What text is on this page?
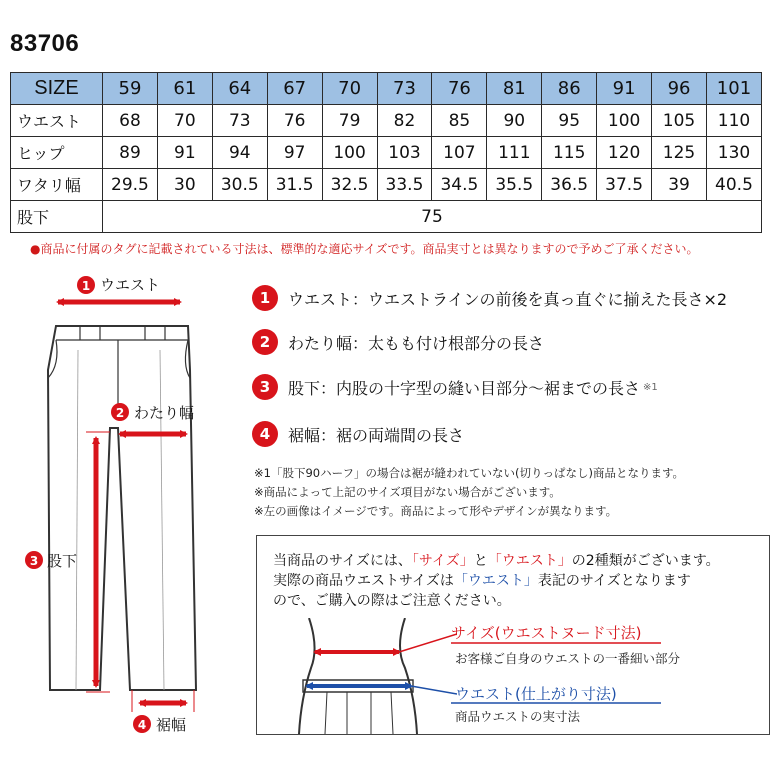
83706
SIZE	59	61	64	67	70	73	76	81	86	91	96	101
ウエスト	68	70	73	76	79	82	85	90	95	100	105	110
ヒップ	89	91	94	97	100	103	107	111	115	120	125	130
ワタリ幅	29.5	30	30.5	31.5	32.5	33.5	34.5	35.5	36.5	37.5	39	40.5
股下	75											
●商品に付属のタグに記載されている寸法は、標準的な適応サイズです。商品実寸とは異なりますので予めご了承ください。
1 ウエスト
2 わたり幅
3 股下
4 裾幅
1	ウエスト：ウエストラインの前後を真っ直ぐに揃えた長さ×2
2	わたり幅：太もも付け根部分の長さ
3	股下：内股の十字型の縫い目部分～裾までの長さ ※1
4	裾幅：裾の両端間の長さ
※1「股下90ハーフ」の場合は裾が縫われていない(切りっぱなし)商品となります。
※商品によって上記のサイズ項目がない場合がございます。
※左の画像はイメージです。商品によって形やデザインが異なります。
当商品のサイズには、「サイズ」と「ウエスト」の2種類がございます。
実際の商品ウエストサイズは「ウエスト」表記のサイズとなります
ので、ご購入の際はご注意ください。
サイズ(ウエストヌード寸法)
お客様ご自身のウエストの一番細い部分
ウエスト(仕上がり寸法)
商品ウエストの実寸法
